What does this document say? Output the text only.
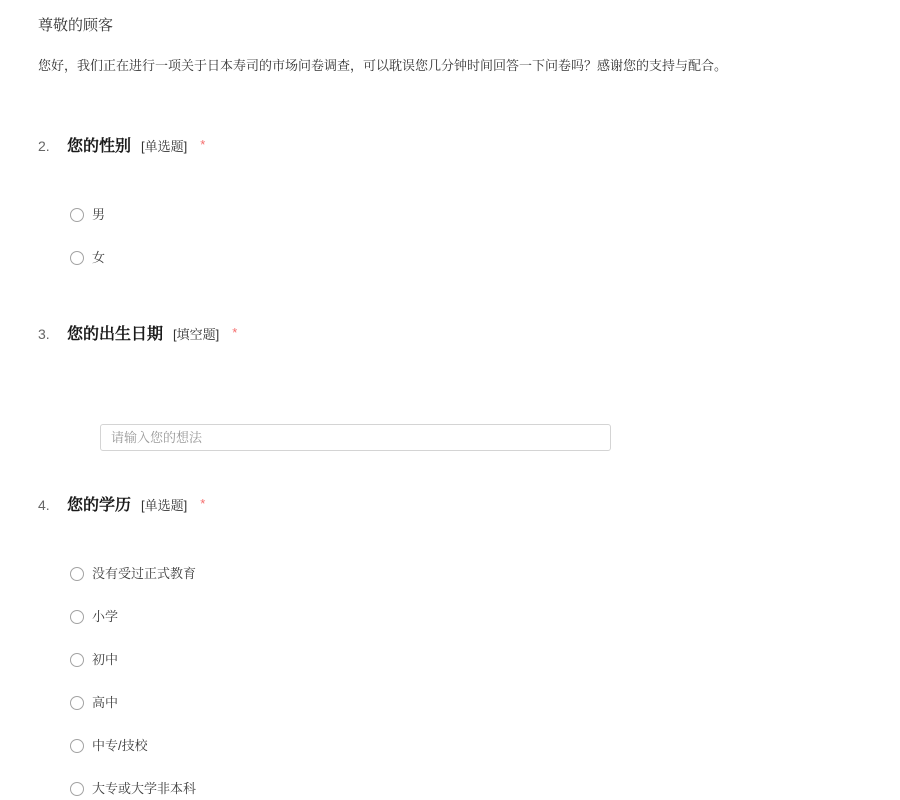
尊敬的顾客

您好，我们正在进行一项关于日本寿司的市场问卷调查，可以耽误您几分钟时间回答一下问卷吗？感谢您的支持与配合。

2. 您的性别 [单选题] *
男
女
3. 您的出生日期 [填空题] *
请输入您的想法
4. 您的学历 [单选题] *
没有受过正式教育
小学
初中
高中
中专/技校
大专或大学非本科
